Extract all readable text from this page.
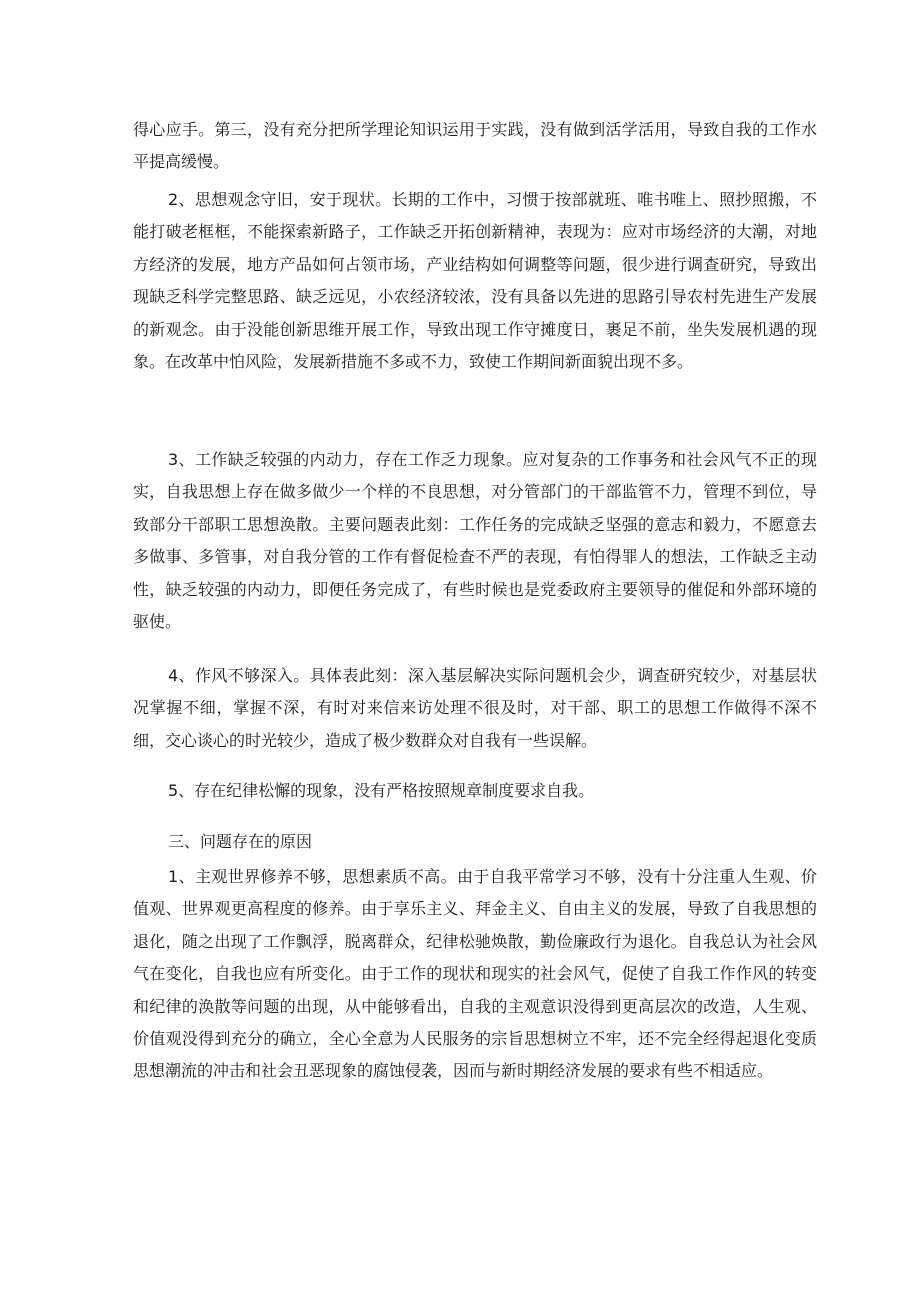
得心应手。第三，没有充分把所学理论知识运用于实践，没有做到活学活用，导致自我的工作水平提高缓慢。

2、思想观念守旧，安于现状。长期的工作中，习惯于按部就班、唯书唯上、照抄照搬，不能打破老框框，不能探索新路子，工作缺乏开拓创新精神，表现为：应对市场经济的大潮，对地方经济的发展，地方产品如何占领市场，产业结构如何调整等问题，很少进行调查研究，导致出现缺乏科学完整思路、缺乏远见，小农经济较浓，没有具备以先进的思路引导农村先进生产发展的新观念。由于没能创新思维开展工作，导致出现工作守摊度日，裹足不前，坐失发展机遇的现象。在改革中怕风险，发展新措施不多或不力，致使工作期间新面貌出现不多。

3、工作缺乏较强的内动力，存在工作乏力现象。应对复杂的工作事务和社会风气不正的现实，自我思想上存在做多做少一个样的不良思想，对分管部门的干部监管不力，管理不到位，导致部分干部职工思想涣散。主要问题表此刻：工作任务的完成缺乏坚强的意志和毅力，不愿意去多做事、多管事，对自我分管的工作有督促检查不严的表现，有怕得罪人的想法，工作缺乏主动性，缺乏较强的内动力，即便任务完成了，有些时候也是党委政府主要领导的催促和外部环境的驱使。

4、作风不够深入。具体表此刻：深入基层解决实际问题机会少，调查研究较少，对基层状况掌握不细，掌握不深，有时对来信来访处理不很及时，对干部、职工的思想工作做得不深不细，交心谈心的时光较少，造成了极少数群众对自我有一些误解。

5、存在纪律松懈的现象，没有严格按照规章制度要求自我。

三、问题存在的原因

1、主观世界修养不够，思想素质不高。由于自我平常学习不够，没有十分注重人生观、价值观、世界观更高程度的修养。由于享乐主义、拜金主义、自由主义的发展，导致了自我思想的退化，随之出现了工作飘浮，脱离群众，纪律松驰焕散，勤俭廉政行为退化。自我总认为社会风气在变化，自我也应有所变化。由于工作的现状和现实的社会风气，促使了自我工作作风的转变和纪律的涣散等问题的出现，从中能够看出，自我的主观意识没得到更高层次的改造，人生观、价值观没得到充分的确立，全心全意为人民服务的宗旨思想树立不牢，还不完全经得起退化变质思想潮流的冲击和社会丑恶现象的腐蚀侵袭，因而与新时期经济发展的要求有些不相适应。
